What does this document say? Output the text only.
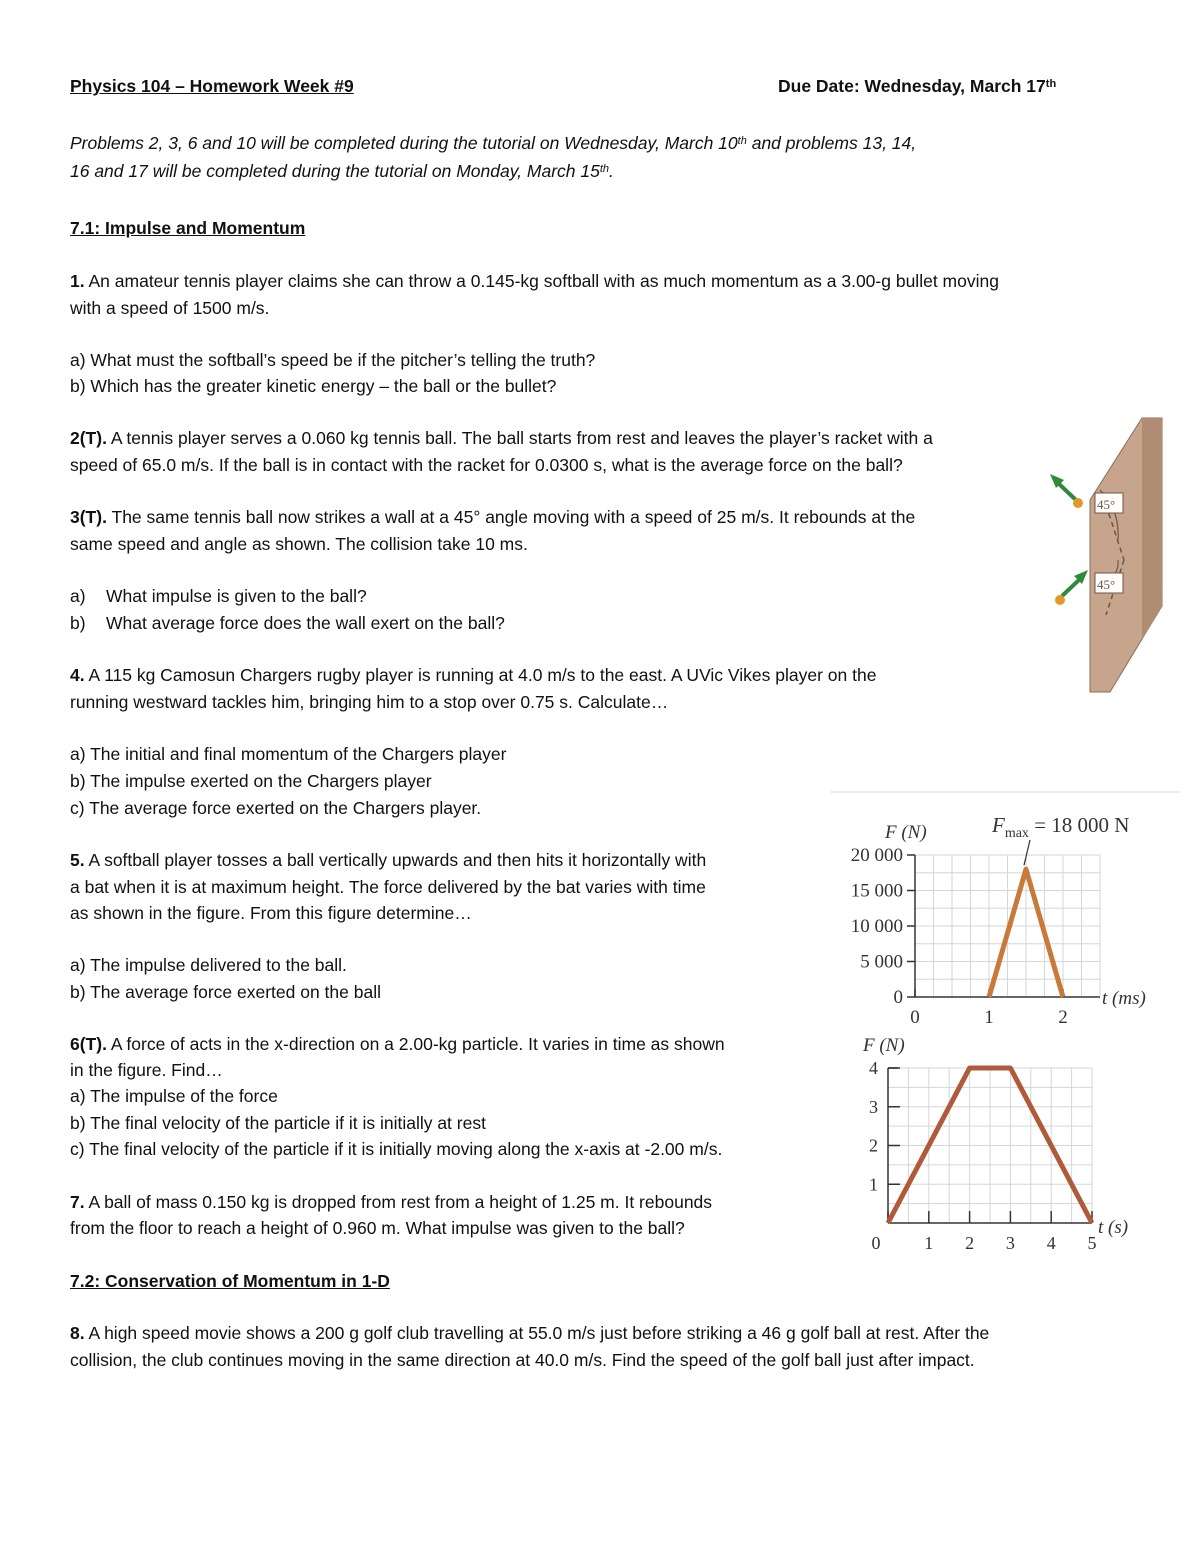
Physics 104 – Homework Week #9	Due Date: Wednesday, March 17th
Problems 2, 3, 6 and 10 will be completed during the tutorial on Wednesday, March 10th and problems 13, 14,
16 and 17 will be completed during the tutorial on Monday, March 15th.
7.1: Impulse and Momentum
1. An amateur tennis player claims she can throw a 0.145-kg softball with as much momentum as a 3.00-g bullet moving
with a speed of 1500 m/s.
a) What must the softball’s speed be if the pitcher’s telling the truth?
b) Which has the greater kinetic energy – the ball or the bullet?
2(T). A tennis player serves a 0.060 kg tennis ball. The ball starts from rest and leaves the player’s racket with a
speed of 65.0 m/s. If the ball is in contact with the racket for 0.0300 s, what is the average force on the ball?
3(T). The same tennis ball now strikes a wall at a 45° angle moving with a speed of 25 m/s. It rebounds at the
same speed and angle as shown. The collision take 10 ms.
a) What impulse is given to the ball?
b) What average force does the wall exert on the ball?
45°
45°
4. A 115 kg Camosun Chargers rugby player is running at 4.0 m/s to the east. A UVic Vikes player on the
running westward tackles him, bringing him to a stop over 0.75 s. Calculate…
a) The initial and final momentum of the Chargers player
b) The impulse exerted on the Chargers player
c) The average force exerted on the Chargers player.
5. A softball player tosses a ball vertically upwards and then hits it horizontally with
a bat when it is at maximum height. The force delivered by the bat varies with time
as shown in the figure. From this figure determine…
a) The impulse delivered to the ball.
b) The average force exerted on the ball
6(T). A force of acts in the x-direction on a 2.00-kg particle. It varies in time as shown
in the figure. Find…
a) The impulse of the force
b) The final velocity of the particle if it is initially at rest
c) The final velocity of the particle if it is initially moving along the x-axis at -2.00 m/s.
7. A ball of mass 0.150 kg is dropped from rest from a height of 1.25 m. It rebounds
from the floor to reach a height of 0.960 m. What impulse was given to the ball?
7.2: Conservation of Momentum in 1-D
8. A high speed movie shows a 200 g golf club travelling at 55.0 m/s just before striking a 46 g golf ball at rest. After the
collision, the club continues moving in the same direction at 40.0 m/s. Find the speed of the golf ball just after impact.
0
5 000
10 000
15 000
20 000
0	1	2
F (N)
t (ms)
$F_{max} = 18$ 000 N
1
2
3
4
0 1 2 3 4 5
F (N)
t (s)
